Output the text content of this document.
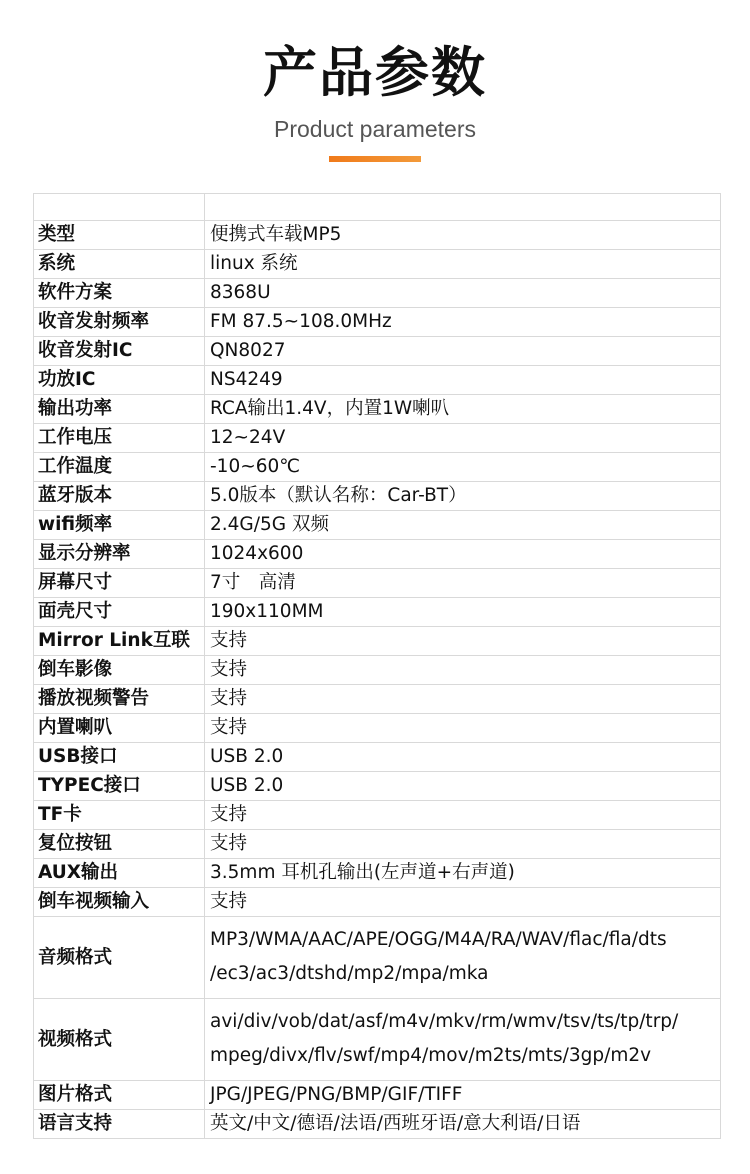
产品参数
Product parameters

类型	便携式车载MP5
系统	linux 系统
软件方案	8368U
收音发射频率	FM 87.5~108.0MHz
收音发射IC	QN8027
功放IC	NS4249
输出功率	RCA输出1.4V，内置1W喇叭
工作电压	12~24V
工作温度	-10~60℃
蓝牙版本	5.0版本（默认名称：Car-BT）
wifi频率	2.4G/5G 双频
显示分辨率	1024x600
屏幕尺寸	7寸　高清
面壳尺寸	190x110MM
Mirror Link互联	支持
倒车影像	支持
播放视频警告	支持
内置喇叭	支持
USB接口	USB 2.0
TYPEC接口	USB 2.0
TF卡	支持
复位按钮	支持
AUX输出	3.5mm 耳机孔输出(左声道+右声道)
倒车视频输入	支持
音频格式	MP3/WMA/AAC/APE/OGG/M4A/RA/WAV/flac/fla/dts
/ec3/ac3/dtshd/mp2/mpa/mka

视频格式	avi/div/vob/dat/asf/m4v/mkv/rm/wmv/tsv/ts/tp/trp/
mpeg/divx/flv/swf/mp4/mov/m2ts/mts/3gp/m2v

图片格式	JPG/JPEG/PNG/BMP/GIF/TIFF
语言支持	英文/中文/德语/法语/西班牙语/意大利语/日语
